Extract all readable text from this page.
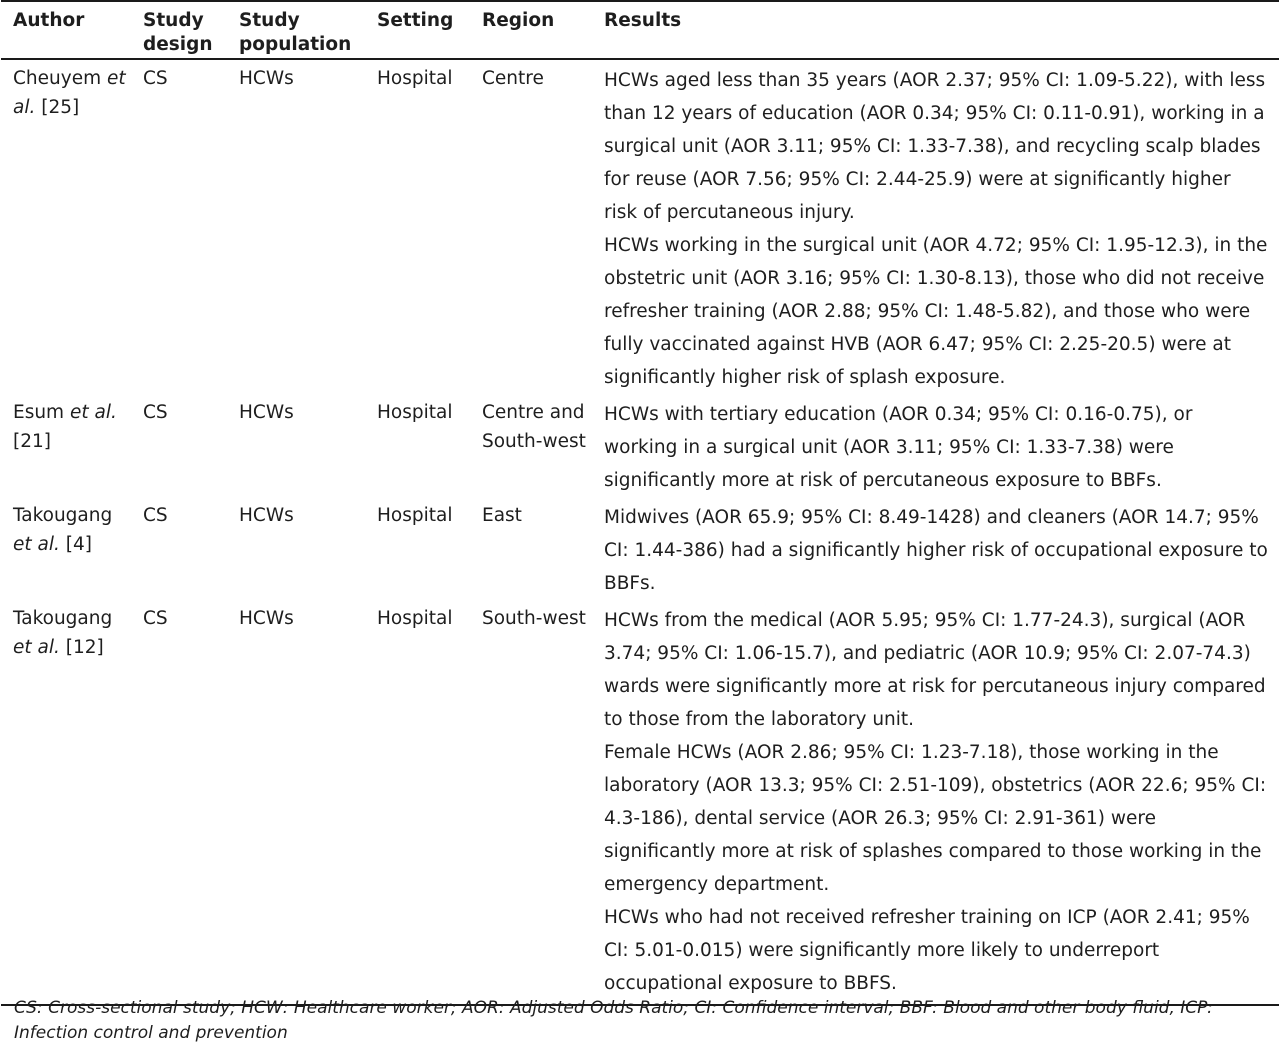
Author	Study design	Study population	Setting	Region	Results
Cheuyem et al. [25]	CS	HCWs	Hospital	Centre	HCWs aged less than 35 years (AOR 2.37; 95% CI: 1.09-5.22), with less than 12 years of education (AOR 0.34; 95% CI: 0.11-0.91), working in a surgical unit (AOR 3.11; 95% CI: 1.33-7.38), and recycling scalp blades for reuse (AOR 7.56; 95% CI: 2.44-25.9) were at significantly higher risk of percutaneous injury.
HCWs working in the surgical unit (AOR 4.72; 95% CI: 1.95-12.3), in the obstetric unit (AOR 3.16; 95% CI: 1.30-8.13), those who did not receive refresher training (AOR 2.88; 95% CI: 1.48-5.82), and those who were fully vaccinated against HVB (AOR 6.47; 95% CI: 2.25-20.5) were at significantly higher risk of splash exposure.

Esum et al. [21]	CS	HCWs	Hospital	Centre and South-west	HCWs with tertiary education (AOR 0.34; 95% CI: 0.16-0.75), or working in a surgical unit (AOR 3.11; 95% CI: 1.33-7.38) were significantly more at risk of percutaneous exposure to BBFs.

Takougang et al. [4]	CS	HCWs	Hospital	East	Midwives (AOR 65.9; 95% CI: 8.49-1428) and cleaners (AOR 14.7; 95% CI: 1.44-386) had a significantly higher risk of occupational exposure to BBFs.

Takougang et al. [12]	CS	HCWs	Hospital	South-west	HCWs from the medical (AOR 5.95; 95% CI: 1.77-24.3), surgical (AOR 3.74; 95% CI: 1.06-15.7), and pediatric (AOR 10.9; 95% CI: 2.07-74.3) wards were significantly more at risk for percutaneous injury compared to those from the laboratory unit.
Female HCWs (AOR 2.86; 95% CI: 1.23-7.18), those working in the laboratory (AOR 13.3; 95% CI: 2.51-109), obstetrics (AOR 22.6; 95% CI: 4.3-186), dental service (AOR 26.3; 95% CI: 2.91-361) were significantly more at risk of splashes compared to those working in the emergency department.
HCWs who had not received refresher training on ICP (AOR 2.41; 95% CI: 5.01-0.015) were significantly more likely to underreport occupational exposure to BBFS.
CS: Cross-sectional study; HCW: Healthcare worker; AOR: Adjusted Odds Ratio; CI: Confidence interval; BBF: Blood and other body fluid, ICP: Infection control and prevention
